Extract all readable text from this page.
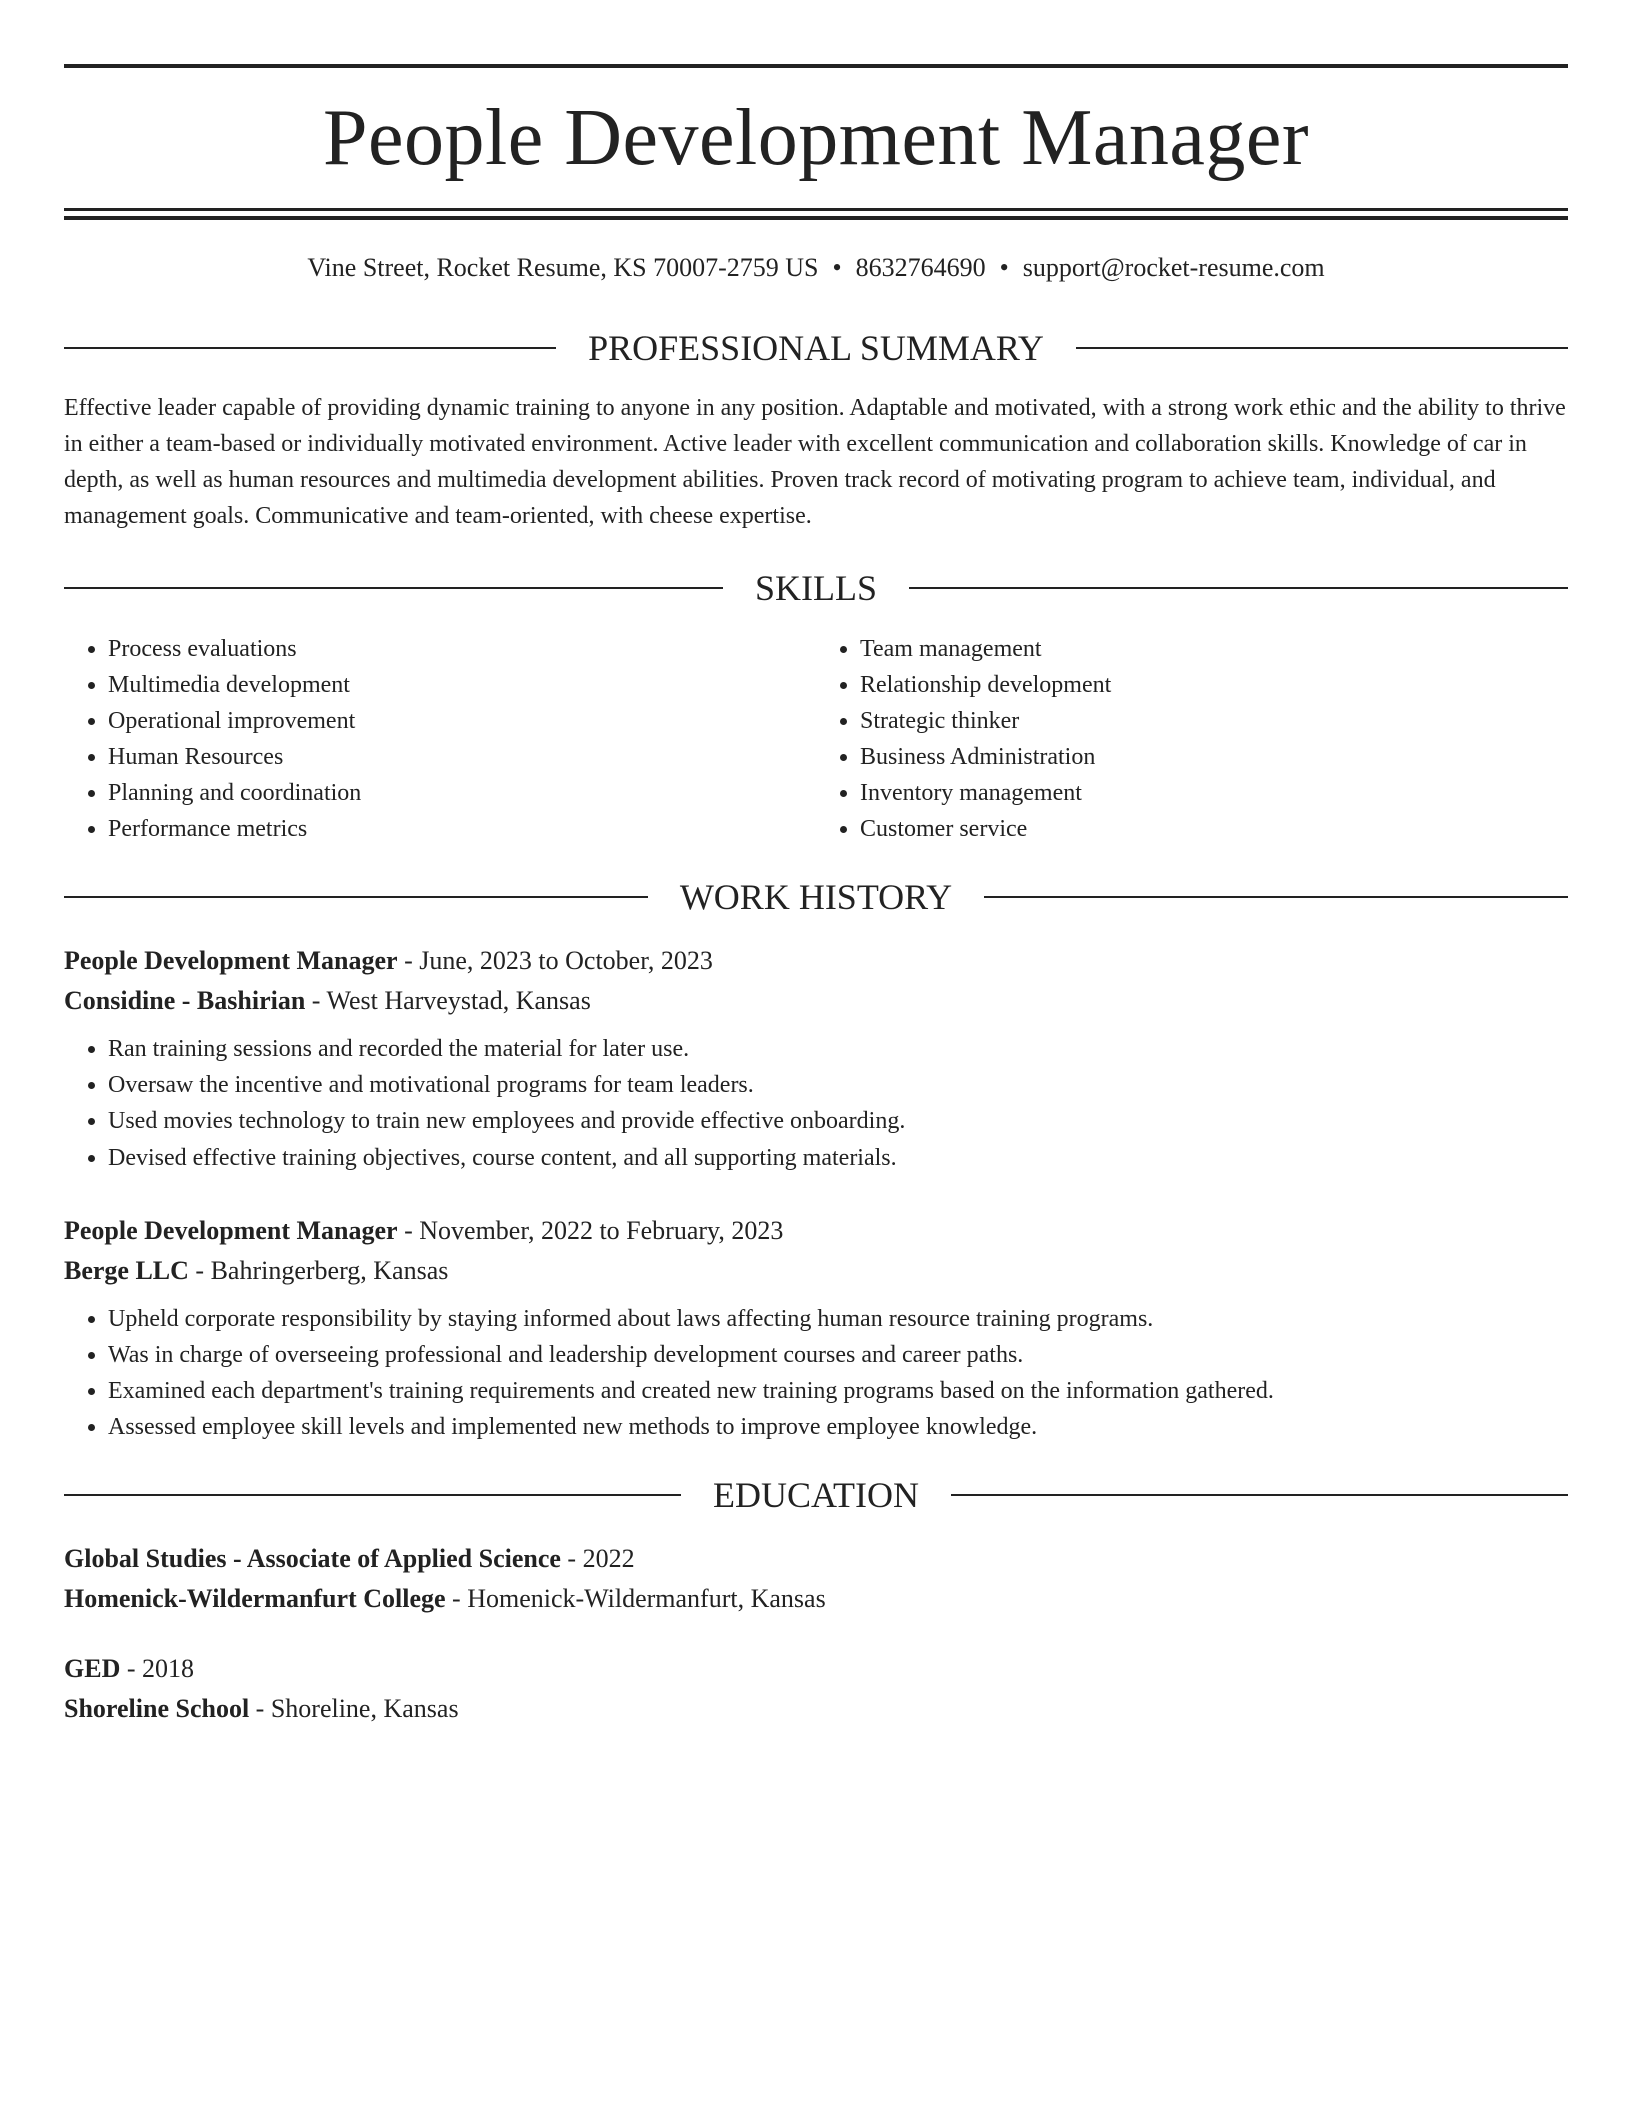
People Development Manager
Vine Street, Rocket Resume, KS 70007-2759 US • 8632764690 • support@rocket-resume.com
PROFESSIONAL SUMMARY
Effective leader capable of providing dynamic training to anyone in any position. Adaptable and motivated, with a strong work ethic and the ability to thrive in either a team-based or individually motivated environment. Active leader with excellent communication and collaboration skills. Knowledge of car in depth, as well as human resources and multimedia development abilities. Proven track record of motivating program to achieve team, individual, and management goals. Communicative and team-oriented, with cheese expertise.
SKILLS
• Process evaluations
• Multimedia development
• Operational improvement
• Human Resources
• Planning and coordination
• Performance metrics
• Team management
• Relationship development
• Strategic thinker
• Business Administration
• Inventory management
• Customer service
WORK HISTORY
People Development Manager - June, 2023 to October, 2023
Considine - Bashirian - West Harveystad, Kansas
• Ran training sessions and recorded the material for later use.
• Oversaw the incentive and motivational programs for team leaders.
• Used movies technology to train new employees and provide effective onboarding.
• Devised effective training objectives, course content, and all supporting materials.
People Development Manager - November, 2022 to February, 2023
Berge LLC - Bahringerberg, Kansas
• Upheld corporate responsibility by staying informed about laws affecting human resource training programs.
• Was in charge of overseeing professional and leadership development courses and career paths.
• Examined each department's training requirements and created new training programs based on the information gathered.
• Assessed employee skill levels and implemented new methods to improve employee knowledge.
EDUCATION
Global Studies - Associate of Applied Science - 2022
Homenick-Wildermanfurt College - Homenick-Wildermanfurt, Kansas
GED - 2018
Shoreline School - Shoreline, Kansas
